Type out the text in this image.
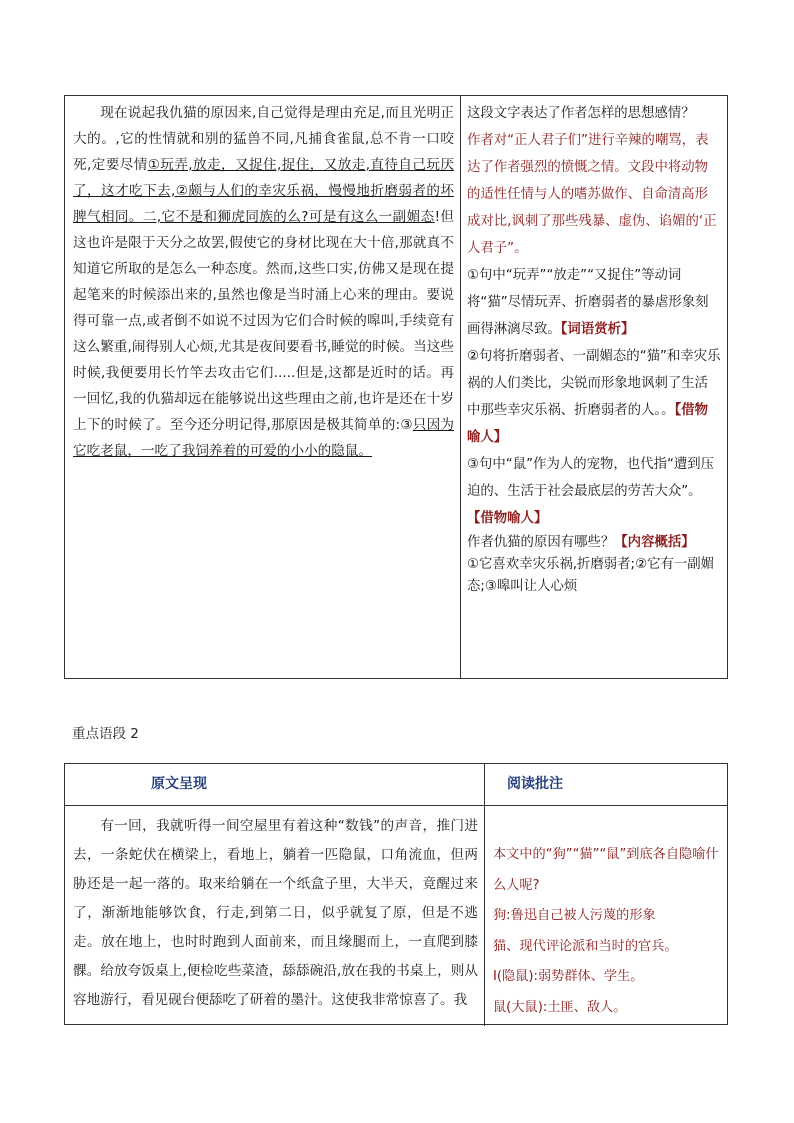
现在说起我仇猫的原因来,自己觉得是理由充足,而且光明正大的。,它的性情就和别的猛兽不同,凡捕食雀鼠,总不肯一口咬死,定要尽情①玩弄,放走，又捉住,捉住，又放走,直待自己玩厌了，这才吃下去,②颇与人们的幸灾乐祸，慢慢地折磨弱者的坏脾气相同。二,它不是和狮虎同族的么?可是有这么一副媚态!但这也许是限于天分之故罢,假使它的身材比现在大十倍,那就真不知道它所取的是怎么一种态度。然而,这些口实,仿佛又是现在提起笔来的时候添出来的,虽然也像是当时涌上心来的理由。要说得可靠一点,或者倒不如说不过因为它们合时候的嗥叫,手续竟有这么繁重,闹得别人心烦,尤其是夜间要看书,睡觉的时候。当这些时候,我便要用长竹竿去攻击它们.....但是,这都是近时的话。再一回忆,我的仇猫却远在能够说出这些理由之前,也许是还在十岁上下的时候了。至今还分明记得,那原因是极其简单的:③只因为它吃老鼠，一吃了我饲养着的可爱的小小的隐鼠。

这段文字表达了作者怎样的思想感情？

作者对“正人君子们”进行辛辣的嘲骂，表达了作者强烈的愤慨之情。文段中将动物的适性任情与人的嗜苏做作、自命清高形成对比,讽刺了那些残暴、虚伪、谄媚的‘正人君子”。

①句中“玩弄”“放走”“又捉住”等动词将“猫”尽情玩弄、折磨弱者的暴虐形象刻画得淋漓尽致。【词语赏析】

②句将折磨弱者、一副媚态的“猫”和幸灾乐祸的人们类比，尖锐而形象地讽刺了生活中那些幸灾乐祸、折磨弱者的人。。【借物喻人】

③句中“鼠”作为人的宠物，也代指“遭到压迫的、生活于社会最底层的劳苦大众”。【借物喻人】

作者仇猫的原因有哪些？【内容概括】

①它喜欢幸灾乐祸,折磨弱者;②它有一副媚态;③嗥叫让人心烦

重点语段 2
原文呈现	阅读批注

有一回，我就听得一间空屋里有着这种“数钱”的声音，推门进去，一条蛇伏在横梁上，看地上，躺着一匹隐鼠，口角流血，但两胁还是一起一落的。取来给躺在一个纸盒子里，大半天，竟醒过来了，渐渐地能够饮食，行走,到第二日，似乎就复了原，但是不逃走。放在地上，也时时跑到人面前来，而且缘腿而上，一直爬到膝髁。给放夸饭桌上,便检吃些菜渣，舔舔碗沿,放在我的书桌上，则从容地游行，看见砚台便舔吃了研着的墨汁。这使我非常惊喜了。我

本文中的“狗”“猫”“鼠”到底各自隐喻什么人呢?
狗:鲁迅自己被人污蔑的形象
猫、现代评论派和当时的官兵。
I(隐鼠):弱势群体、学生。
鼠(大鼠):土匪、敌人。
